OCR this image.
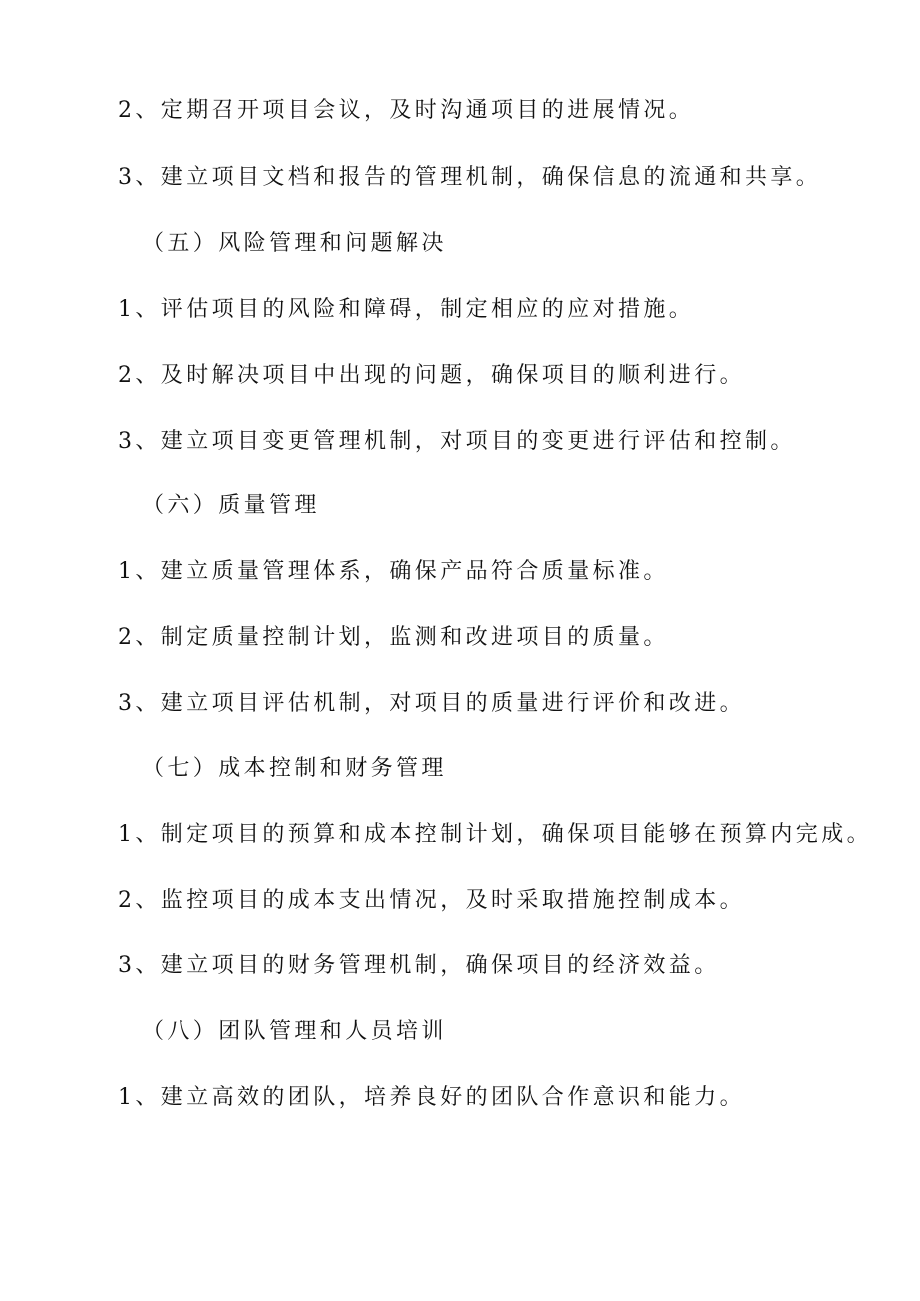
2、定期召开项目会议，及时沟通项目的进展情况。
3、建立项目文档和报告的管理机制，确保信息的流通和共享。
（五）风险管理和问题解决
1、评估项目的风险和障碍，制定相应的应对措施。
2、及时解决项目中出现的问题，确保项目的顺利进行。
3、建立项目变更管理机制，对项目的变更进行评估和控制。
（六）质量管理
1、建立质量管理体系，确保产品符合质量标准。
2、制定质量控制计划，监测和改进项目的质量。
3、建立项目评估机制，对项目的质量进行评价和改进。
（七）成本控制和财务管理
1、制定项目的预算和成本控制计划，确保项目能够在预算内完成。
2、监控项目的成本支出情况，及时采取措施控制成本。
3、建立项目的财务管理机制，确保项目的经济效益。
（八）团队管理和人员培训
1、建立高效的团队，培养良好的团队合作意识和能力。
